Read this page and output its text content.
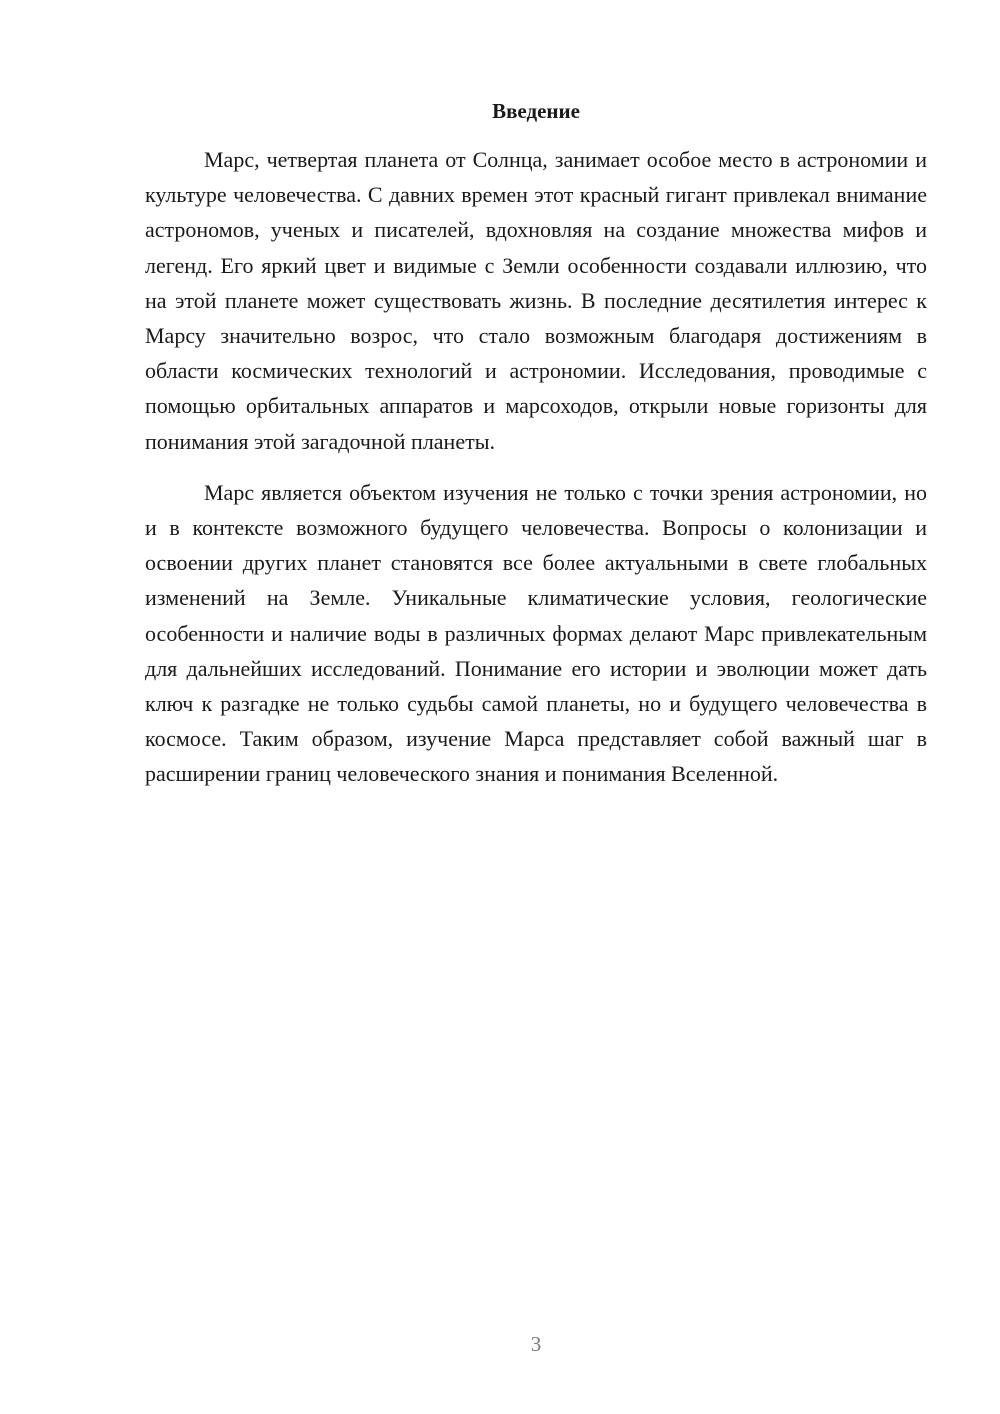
Введение

Марс, четвертая планета от Солнца, занимает особое место в астрономии и культуре человечества. С давних времен этот красный гигант привлекал внимание астрономов, ученых и писателей, вдохновляя на создание множества мифов и легенд. Его яркий цвет и видимые с Земли особенности создавали иллюзию, что на этой планете может существовать жизнь. В последние десятилетия интерес к Марсу значительно возрос, что стало возможным благодаря достижениям в области космических технологий и астрономии. Исследования, проводимые с помощью орбитальных аппаратов и марсоходов, открыли новые горизонты для понимания этой загадочной планеты.

Марс является объектом изучения не только с точки зрения астрономии, но и в контексте возможного будущего человечества. Вопросы о колонизации и освоении других планет становятся все более актуальными в свете глобальных изменений на Земле. Уникальные климатические условия, геологические особенности и наличие воды в различных формах делают Марс привлекательным для дальнейших исследований. Понимание его истории и эволюции может дать ключ к разгадке не только судьбы самой планеты, но и будущего человечества в космосе. Таким образом, изучение Марса представляет собой важный шаг в расширении границ человеческого знания и понимания Вселенной.

3
